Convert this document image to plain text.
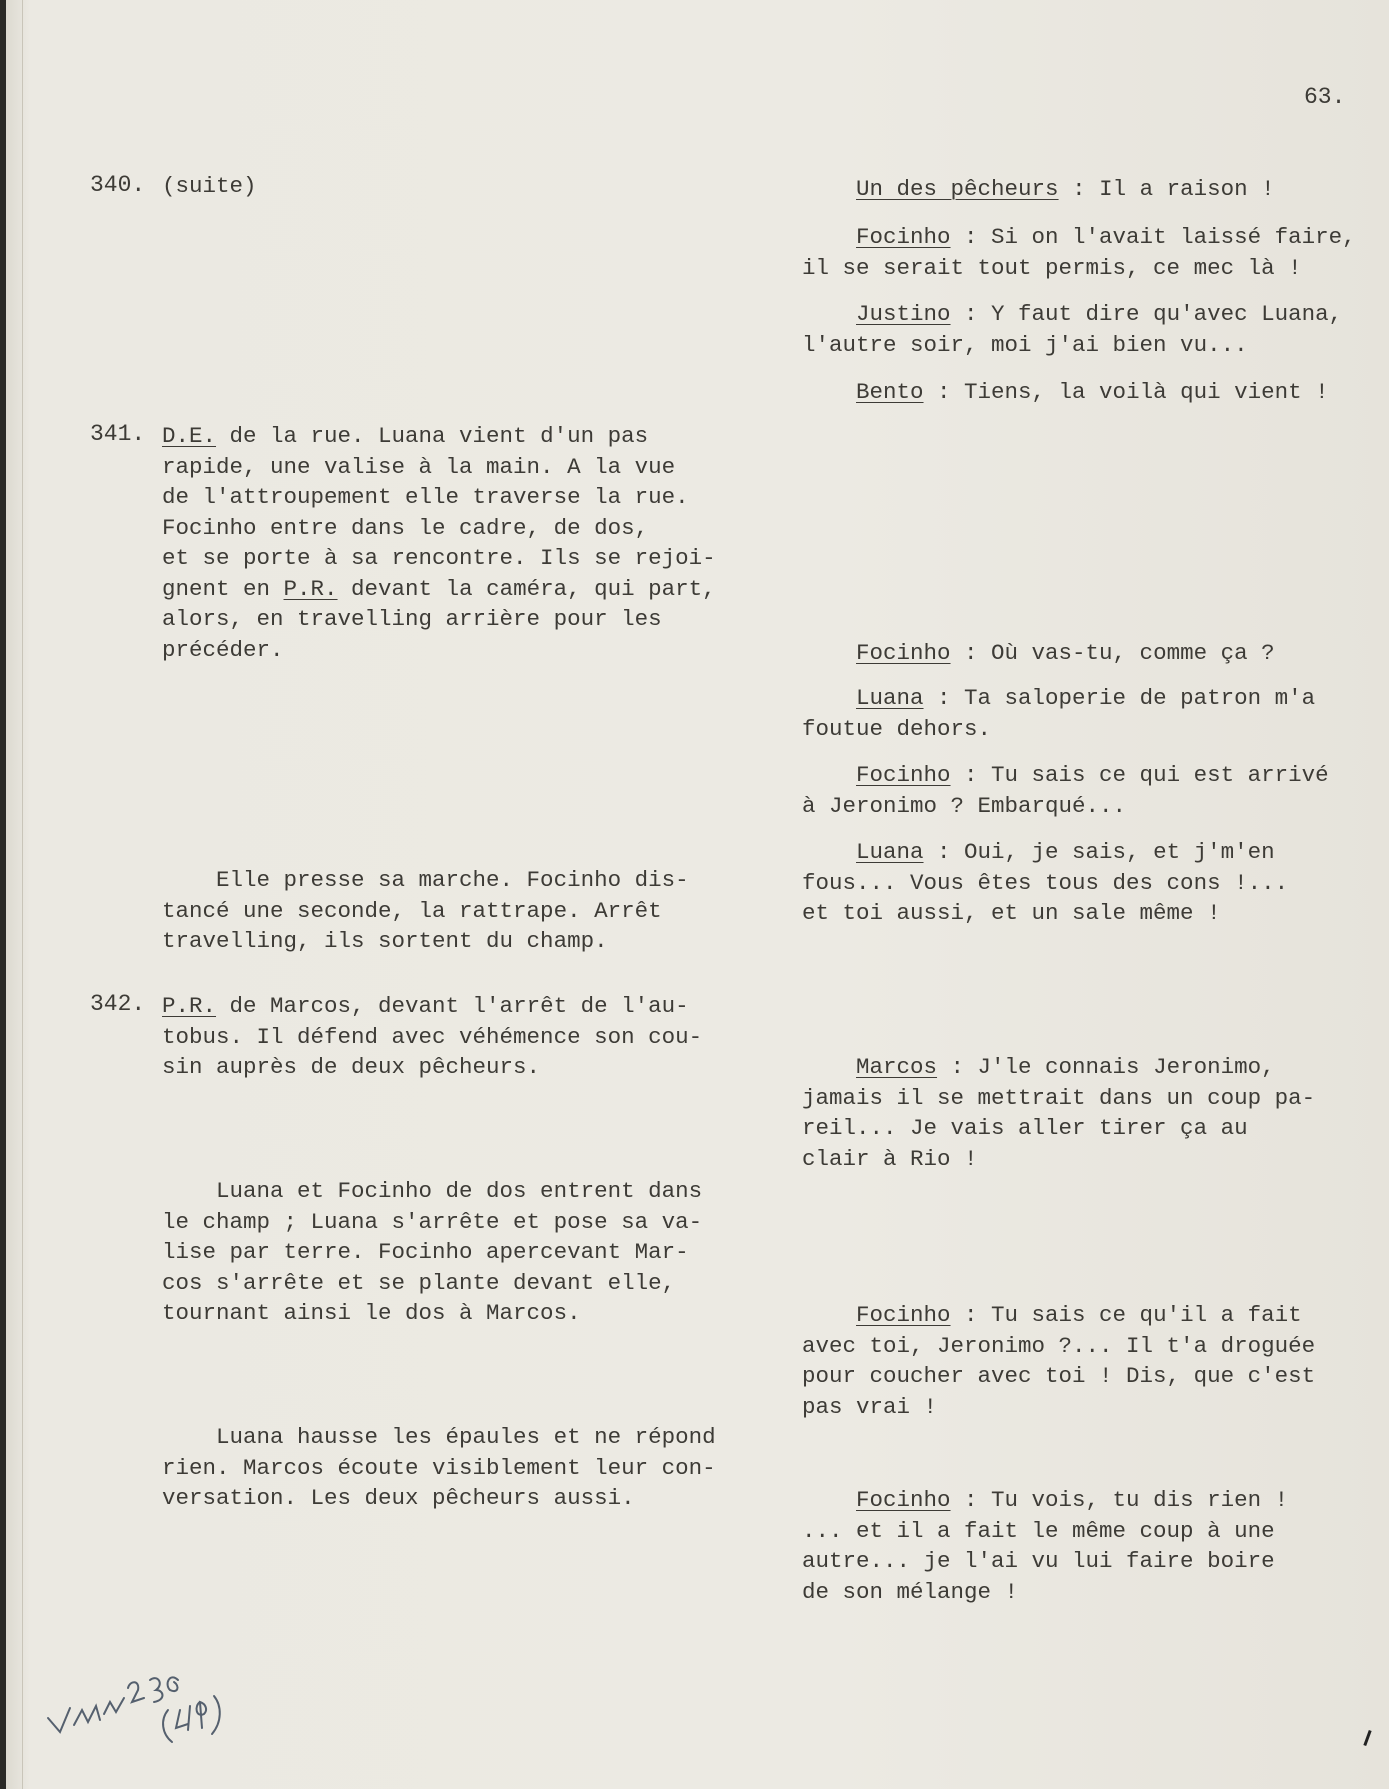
63.
340. (suite)
341. D.E. de la rue. Luana vient d'un pas
rapide, une valise à la main. A la vue
de l'attroupement elle traverse la rue.
Focinho entre dans le cadre, de dos,
et se porte à sa rencontre. Ils se rejoi-
gnent en P.R. devant la caméra, qui part,
alors, en travelling arrière pour les
précéder.
Elle presse sa marche. Focinho dis-
tancé une seconde, la rattrape. Arrêt
travelling, ils sortent du champ.
342. P.R. de Marcos, devant l'arrêt de l'au-
tobus. Il défend avec véhémence son cou-
sin auprès de deux pêcheurs.
Luana et Focinho de dos entrent dans
le champ ; Luana s'arrête et pose sa va-
lise par terre. Focinho apercevant Mar-
cos s'arrête et se plante devant elle,
tournant ainsi le dos à Marcos.
Luana hausse les épaules et ne répond
rien. Marcos écoute visiblement leur con-
versation. Les deux pêcheurs aussi.
Un des pêcheurs : Il a raison !
Focinho : Si on l'avait laissé faire,
il se serait tout permis, ce mec là !
Justino : Y faut dire qu'avec Luana,
l'autre soir, moi j'ai bien vu...
Bento : Tiens, la voilà qui vient !
Focinho : Où vas-tu, comme ça ?
Luana : Ta saloperie de patron m'a
foutue dehors.
Focinho : Tu sais ce qui est arrivé
à Jeronimo ? Embarqué...
Luana : Oui, je sais, et j'm'en
fous... Vous êtes tous des cons !...
et toi aussi, et un sale même !
Marcos : J'le connais Jeronimo,
jamais il se mettrait dans un coup pa-
reil... Je vais aller tirer ça au
clair à Rio !
Focinho : Tu sais ce qu'il a fait
avec toi, Jeronimo ?... Il t'a droguée
pour coucher avec toi ! Dis, que c'est
pas vrai !
Focinho : Tu vois, tu dis rien !
... et il a fait le même coup à une
autre... je l'ai vu lui faire boire
de son mélange !
